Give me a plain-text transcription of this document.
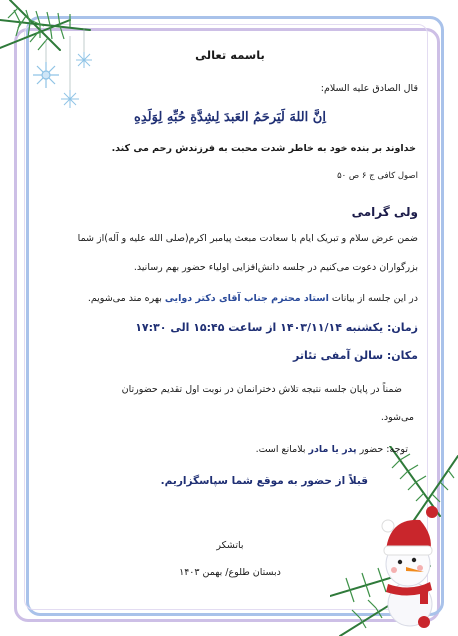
باسمه تعالی
قال الصادق علیه السلام:
اِنَّ اللهَ لَیَرحَمُ العَبدَ لِشِدَّةِ حُبِّهِ لِوَلَدِهِ
خداوند بر بنده خود به خاطر شدت محبت به فرزندش رحم می کند.
اصول کافی ج ۶ ص ۵۰
ولی گرامی
ضمن عرض سلام و تبریک ایام با سعادت مبعث پیامبر اکرم(صلی الله علیه و آله)از شما
بزرگواران دعوت می‌کنیم در جلسه دانش‌افزایی اولیاء حضور بهم رسانید.
در این جلسه از بیانات استاد محترم جناب آقای دکتر دوایی بهره مند می‌شویم.
زمان: یکشنبه ۱۴۰۳/۱۱/۱۴ از ساعت ۱۵:۴۵ الی ۱۷:۳۰
مکان: سالن آمفی تئاتر
ضمناً در پایان جلسه نتیجه تلاش دخترانمان در نوبت اول تقدیم حضورتان
می‌شود.
توجه: حضور پدر یا مادر بلامانع است.
قبلاً از حضور به موقع شما سپاسگزاریم.
باتشکر
دبستان طلوع/ بهمن ۱۴۰۳
